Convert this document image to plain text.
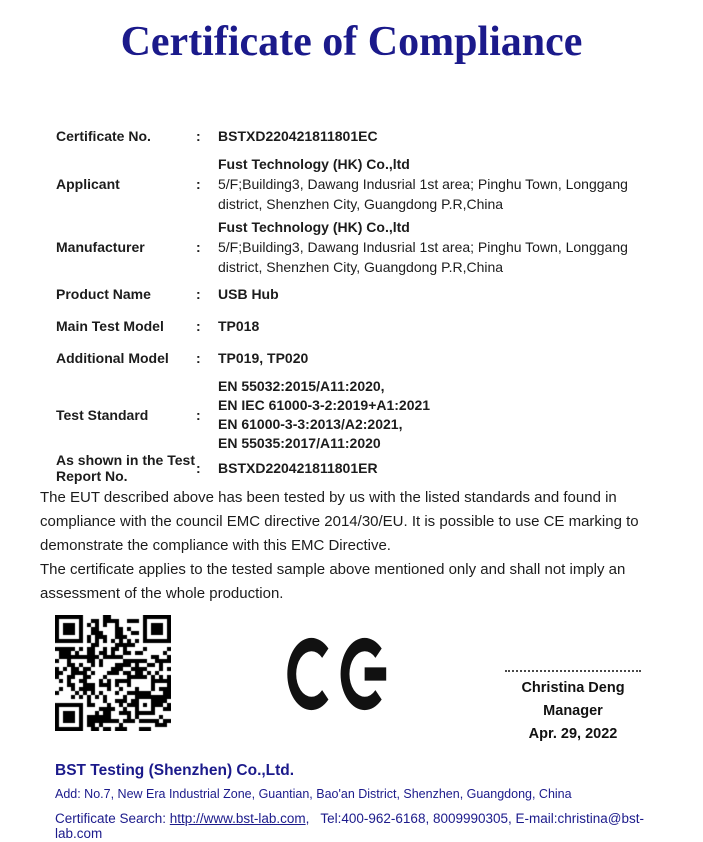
Certificate of Compliance
Certificate No.	:	BSTXD220421811801EC
Applicant	:
Fust Technology (HK) Co.,ltd
5/F;Building3, Dawang Indusrial 1st area; Pinghu Town, Longgang district, Shenzhen City, Guangdong P.R,China
Manufacturer	:
Fust Technology (HK) Co.,ltd
5/F;Building3, Dawang Indusrial 1st area; Pinghu Town, Longgang district, Shenzhen City, Guangdong P.R,China
Product Name	:	USB Hub
Main Test Model	:	TP018
Additional Model	:	TP019, TP020
Test Standard	:
EN 55032:2015/A11:2020,
EN IEC 61000-3-2:2019+A1:2021
EN 61000-3-3:2013/A2:2021,
EN 55035:2017/A11:2020
As shown in the Test Report No.	:	BSTXD220421811801ER

The EUT described above has been tested by us with the listed standards and found in compliance with the council EMC directive 2014/30/EU. It is possible to use CE marking to demonstrate the compliance with this EMC Directive.

The certificate applies to the tested sample above mentioned only and shall not imply an assessment of the whole production.

Christina Deng
Manager
Apr. 29, 2022
BST Testing (Shenzhen) Co.,Ltd.
Add: No.7, New Era Industrial Zone, Guantian, Bao'an District, Shenzhen, Guangdong, China
Certificate Search: http://www.bst-lab.com,   Tel:400-962-6168, 8009990305, E-mail:christina@bst-lab.com
